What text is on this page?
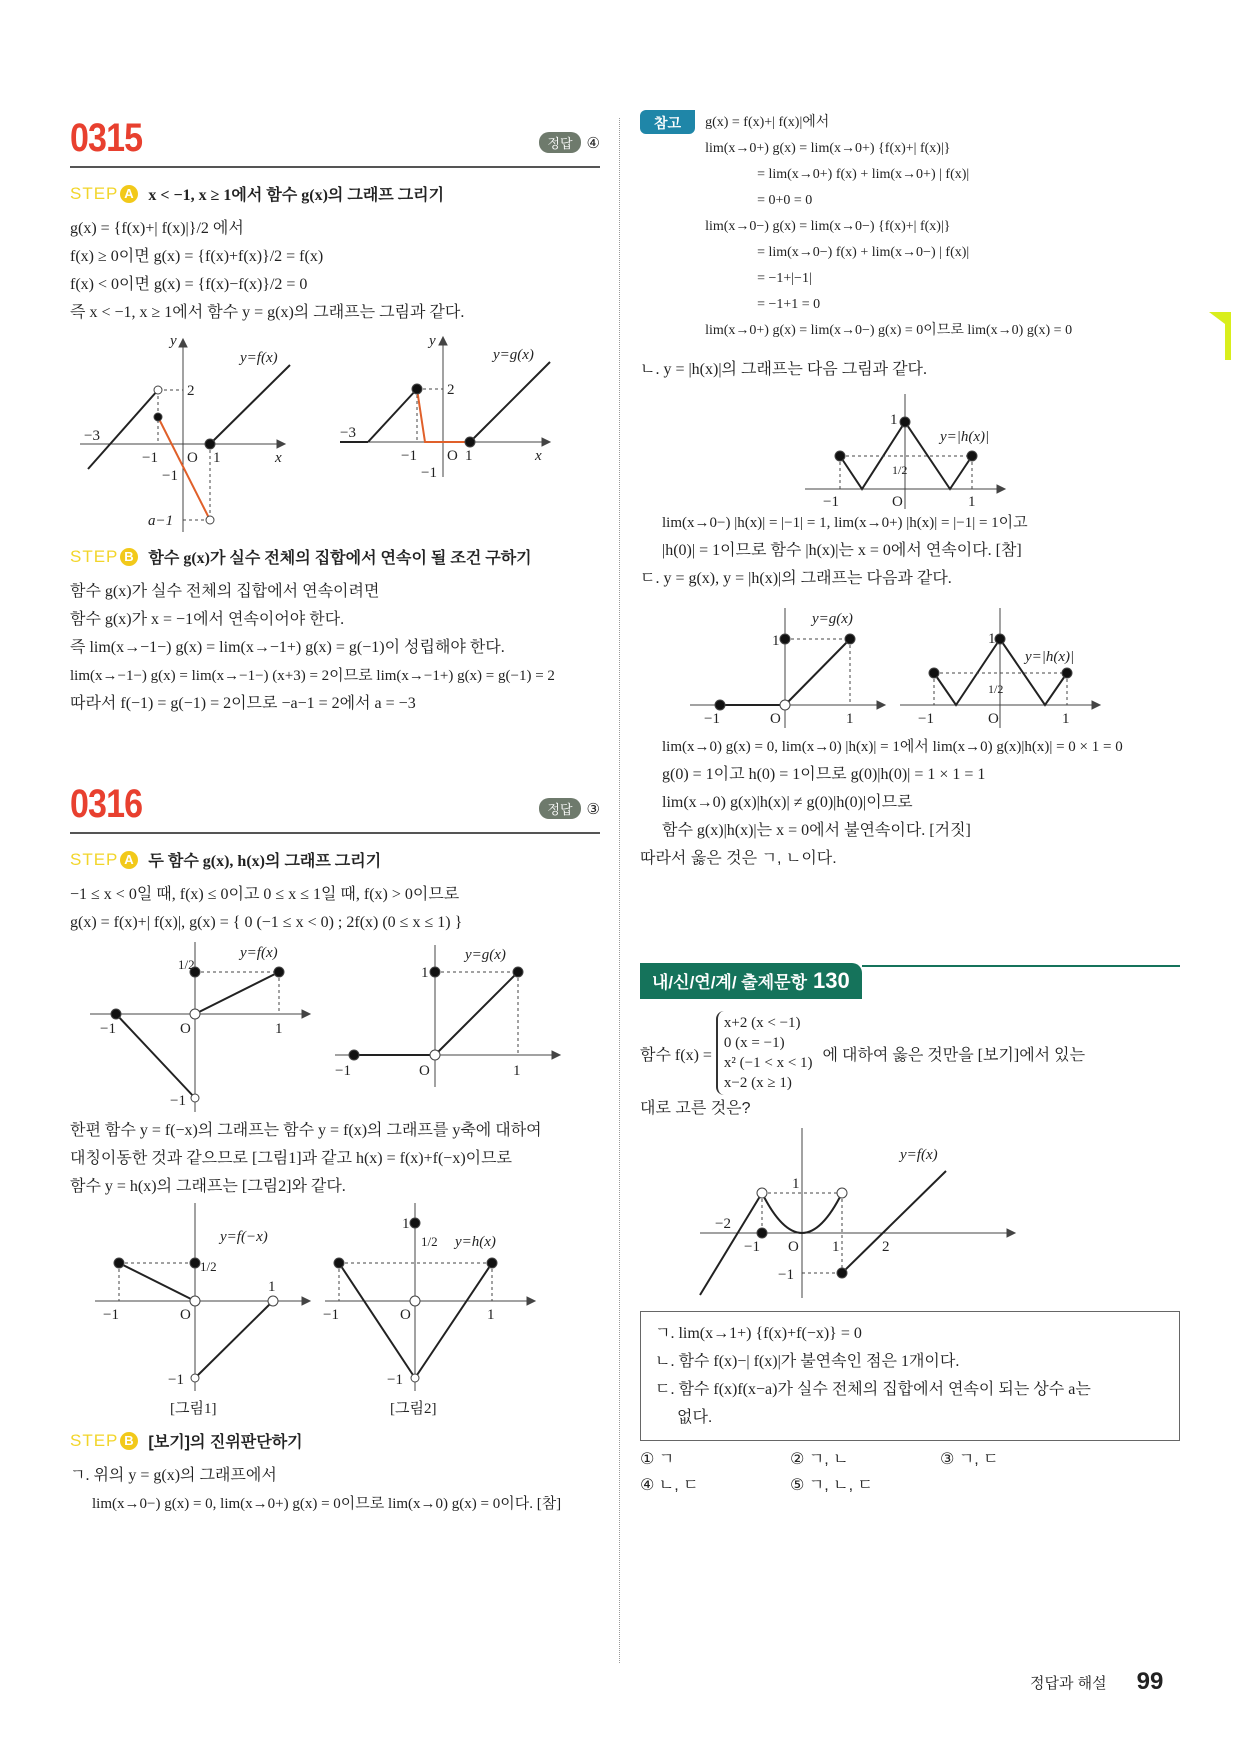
0315	정답 ④
STEP A x < −1, x ≥ 1에서 함수 g(x)의 그래프 그리기
g(x) = {f(x)+| f(x)|}/2 에서
f(x) ≥ 0이면 g(x) = {f(x)+f(x)}/2 = f(x)
f(x) < 0이면 g(x) = {f(x)−f(x)}/2 = 0
즉 x < −1, x ≥ 1에서 함수 y = g(x)의 그래프는 그림과 같다.
y=f(x)
y
x
−3
−1 O 1
2
−1
a−1
y=g(x)
y
x
−3
−1 O 1
2
−1
STEP B 함수 g(x)가 실수 전체의 집합에서 연속이 될 조건 구하기
함수 g(x)가 실수 전체의 집합에서 연속이려면
함수 g(x)가 x = −1에서 연속이어야 한다.
즉 lim(x→−1−) g(x) = lim(x→−1+) g(x) = g(−1)이 성립해야 한다.
lim(x→−1−) g(x) = lim(x→−1−) (x+3) = 2이므로 lim(x→−1+) g(x) = g(−1) = 2
따라서 f(−1) = g(−1) = 2이므로 −a−1 = 2에서 a = −3
0316	정답 ③
STEP A 두 함수 g(x), h(x)의 그래프 그리기
−1 ≤ x < 0일 때, f(x) ≤ 0이고 0 ≤ x ≤ 1일 때, f(x) > 0이므로
g(x) = f(x)+| f(x)|, g(x) = { 0 (−1 ≤ x < 0) ; 2f(x) (0 ≤ x ≤ 1) }
y=f(x)
1/2
−1	O	1
−1
y=g(x)
1
−1	O	1
한편 함수 y = f(−x)의 그래프는 함수 y = f(x)의 그래프를 y축에 대하여
대칭이동한 것과 같으므로 [그림1]과 같고 h(x) = f(x)+f(−x)이므로
함수 y = h(x)의 그래프는 [그림2]와 같다.
y=f(−x)
1/2
1
−1	O
−1
[그림1]
y=h(x)
1
1/2
−1	O	1
−1
[그림2]
STEP B [보기]의 진위판단하기
ㄱ. 위의 y = g(x)의 그래프에서
lim(x→0−) g(x) = 0, lim(x→0+) g(x) = 0이므로 lim(x→0) g(x) = 0이다. [참]
참고	g(x) = f(x)+| f(x)|에서
lim(x→0+) g(x) = lim(x→0+) {f(x)+| f(x)|}
= lim(x→0+) f(x) + lim(x→0+) | f(x)|
= 0+0 = 0
lim(x→0−) g(x) = lim(x→0−) {f(x)+| f(x)|}
= lim(x→0−) f(x) + lim(x→0−) | f(x)|
= −1+|−1|
= −1+1 = 0
lim(x→0+) g(x) = lim(x→0−) g(x) = 0이므로 lim(x→0) g(x) = 0
ㄴ. y = |h(x)|의 그래프는 다음 그림과 같다.
y=|h(x)|
1
1/2
−1	O	1
lim(x→0−) |h(x)| = |−1| = 1, lim(x→0+) |h(x)| = |−1| = 1이고
|h(0)| = 1이므로 함수 |h(x)|는 x = 0에서 연속이다. [참]
ㄷ. y = g(x), y = |h(x)|의 그래프는 다음과 같다.
y=g(x)
1
−1	O	1
y=|h(x)|
1
1/2
−1	O	1
lim(x→0) g(x) = 0, lim(x→0) |h(x)| = 1에서 lim(x→0) g(x)|h(x)| = 0 × 1 = 0
g(0) = 1이고 h(0) = 1이므로 g(0)|h(0)| = 1 × 1 = 1
lim(x→0) g(x)|h(x)| ≠ g(0)|h(0)|이므로
함수 g(x)|h(x)|는 x = 0에서 불연속이다. [거짓]
따라서 옳은 것은 ㄱ, ㄴ이다.
내/신/연/계/ 출제문항 130
함수 f(x) =
x+2 (x < −1)
0 (x = −1)
x² (−1 < x < 1)
x−2 (x ≥ 1)
에 대하여 옳은 것만을 [보기]에서 있는
대로 고른 것은?
y=f(x)
1
−2
−1 O 1	2
−1
ㄱ. lim(x→1+) {f(x)+f(−x)} = 0
ㄴ. 함수 f(x)−| f(x)|가 불연속인 점은 1개이다.
ㄷ. 함수 f(x)f(x−a)가 실수 전체의 집합에서 연속이 되는 상수 a는
없다.
① ㄱ	② ㄱ, ㄴ	③ ㄱ, ㄷ
④ ㄴ, ㄷ	⑤ ㄱ, ㄴ, ㄷ
정답과 해설 99
